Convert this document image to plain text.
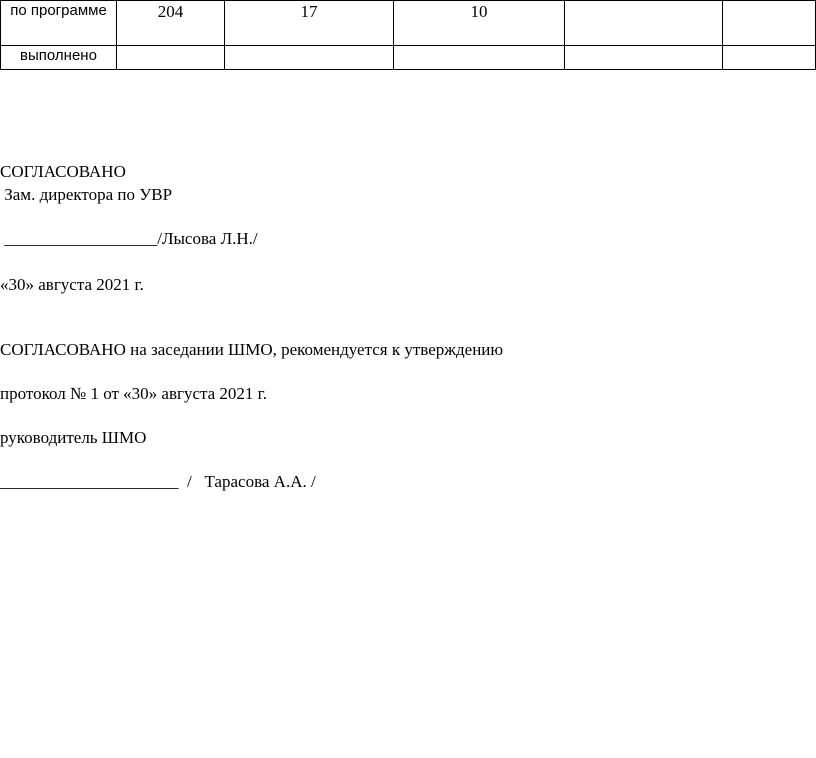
по программе	204	17	10		
выполнено					

СОГЛАСОВАНО

Зам. директора по УВР

__________________/Лысова Л.Н./

«30» августа 2021 г.

СОГЛАСОВАНО на заседании ШМО, рекомендуется к утверждению

протокол № 1 от «30» августа 2021 г.

руководитель ШМО

_____________________  /   Тарасова А.А. /
